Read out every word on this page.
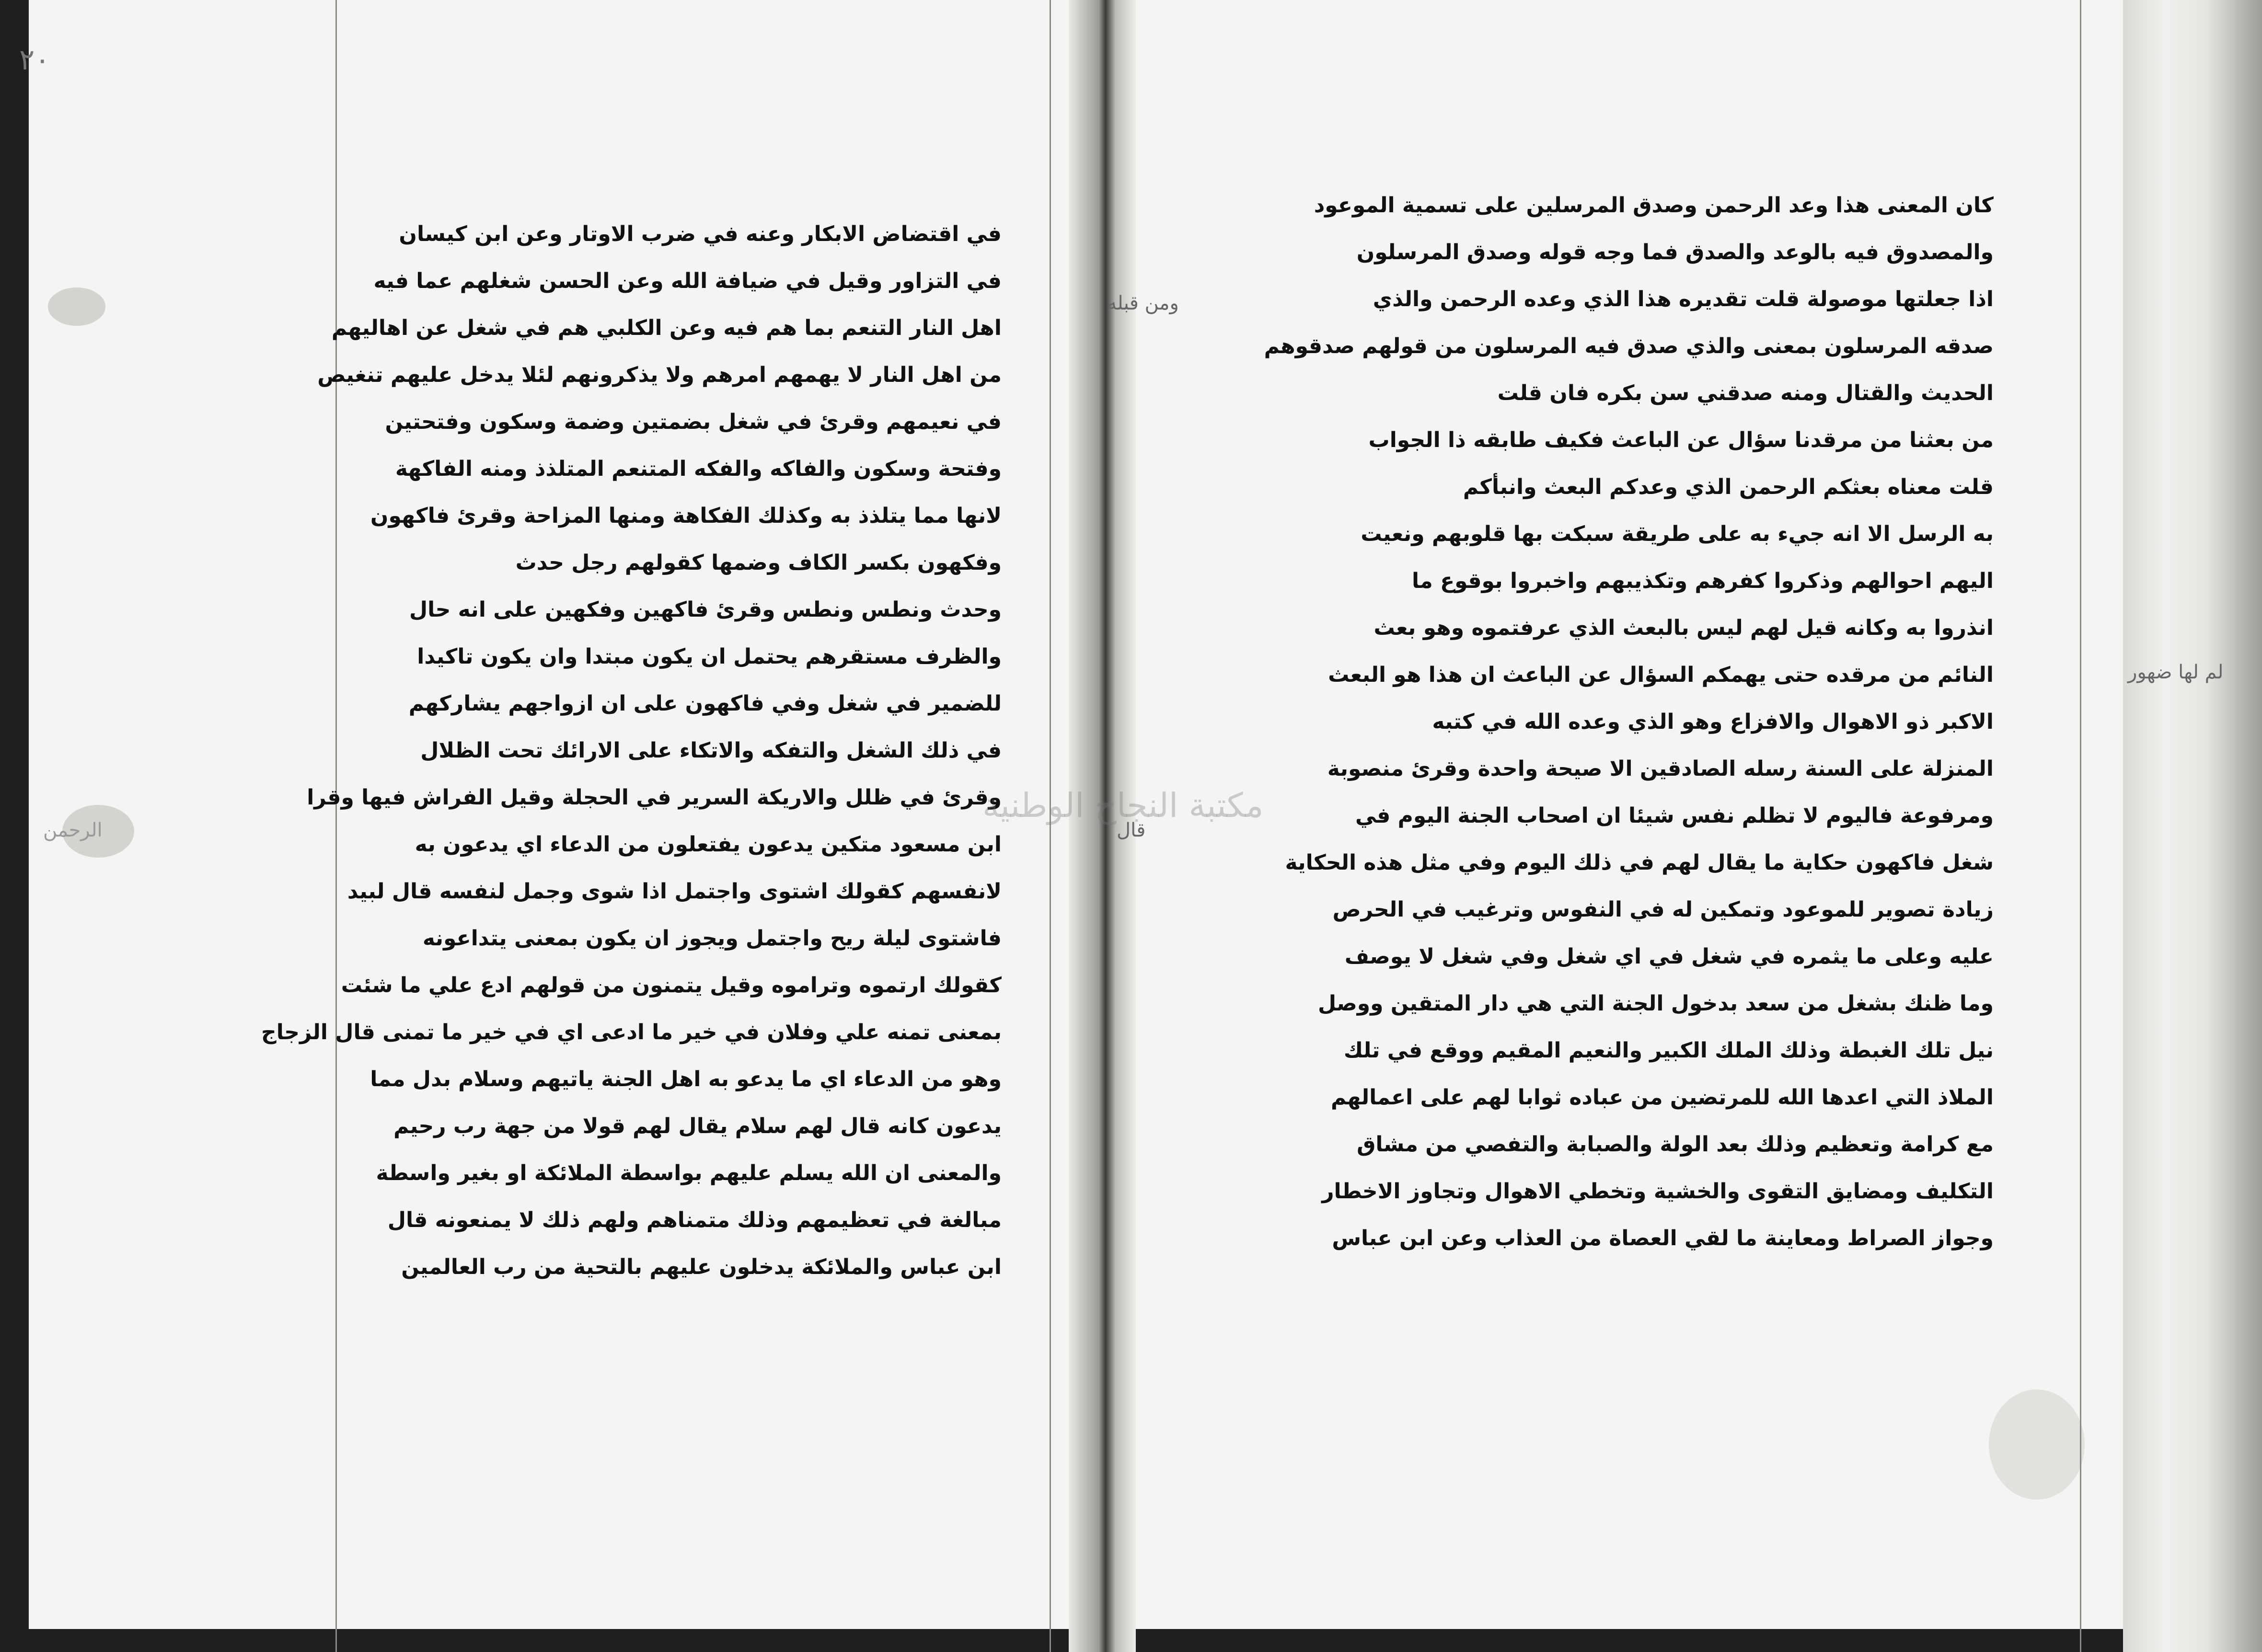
٢٠
في اقتضاض الابكار وعنه في ضرب الاوتار وعن ابن كيسان
في التزاور وقيل في ضيافة الله وعن الحسن شغلهم عما فيه
اهل النار التنعم بما هم فيه وعن الكلبي هم في شغل عن اهاليهم
من اهل النار لا يهمهم امرهم ولا يذكرونهم لئلا يدخل عليهم تنغيص
في نعيمهم وقرئ في شغل بضمتين وضمة وسكون وفتحتين
وفتحة وسكون والفاكه والفكه المتنعم المتلذذ ومنه الفاكهة
لانها مما يتلذذ به وكذلك الفكاهة ومنها المزاحة وقرئ فاكهون
وفكهون بكسر الكاف وضمها كقولهم رجل حدث
وحدث ونطس ونطس وقرئ فاكهين وفكهين على انه حال
والظرف مستقرهم يحتمل ان يكون مبتدا وان يكون تاكيدا
للضمير في شغل وفي فاكهون على ان ازواجهم يشاركهم
في ذلك الشغل والتفكه والاتكاء على الارائك تحت الظلال
وقرئ في ظلل والاريكة السرير في الحجلة وقيل الفراش فيها وقرا
ابن مسعود متكين يدعون يفتعلون من الدعاء اي يدعون به
لانفسهم كقولك اشتوى واجتمل اذا شوى وجمل لنفسه قال لبيد
فاشتوى ليلة ريح واجتمل ويجوز ان يكون بمعنى يتداعونه
كقولك ارتموه وتراموه وقيل يتمنون من قولهم ادع علي ما شئت
بمعنى تمنه علي وفلان في خير ما ادعى اي في خير ما تمنى قال الزجاج
وهو من الدعاء اي ما يدعو به اهل الجنة ياتيهم وسلام بدل مما
يدعون كانه قال لهم سلام يقال لهم قولا من جهة رب رحيم
والمعنى ان الله يسلم عليهم بواسطة الملائكة او بغير واسطة
مبالغة في تعظيمهم وذلك متمناهم ولهم ذلك لا يمنعونه قال
ابن عباس والملائكة يدخلون عليهم بالتحية من رب العالمين
كان المعنى هذا وعد الرحمن وصدق المرسلين على تسمية الموعود
والمصدوق فيه بالوعد والصدق فما وجه قوله وصدق المرسلون
اذا جعلتها موصولة قلت تقديره هذا الذي وعده الرحمن والذي
صدقه المرسلون بمعنى والذي صدق فيه المرسلون من قولهم صدقوهم
الحديث والقتال ومنه صدقني سن بكره فان قلت
من بعثنا من مرقدنا سؤال عن الباعث فكيف طابقه ذا الجواب
قلت معناه بعثكم الرحمن الذي وعدكم البعث وانبأكم
به الرسل الا انه جيء به على طريقة سبكت بها قلوبهم ونعيت
اليهم احوالهم وذكروا كفرهم وتكذيبهم واخبروا بوقوع ما
انذروا به وكانه قيل لهم ليس بالبعث الذي عرفتموه وهو بعث
النائم من مرقده حتى يهمكم السؤال عن الباعث ان هذا هو البعث
الاكبر ذو الاهوال والافزاع وهو الذي وعده الله في كتبه
المنزلة على السنة رسله الصادقين الا صيحة واحدة وقرئ منصوبة
ومرفوعة فاليوم لا تظلم نفس شيئا ان اصحاب الجنة اليوم في
شغل فاكهون حكاية ما يقال لهم في ذلك اليوم وفي مثل هذه الحكاية
زيادة تصوير للموعود وتمكين له في النفوس وترغيب في الحرص
عليه وعلى ما يثمره في شغل في اي شغل وفي شغل لا يوصف
وما ظنك بشغل من سعد بدخول الجنة التي هي دار المتقين ووصل
نيل تلك الغبطة وذلك الملك الكبير والنعيم المقيم ووقع في تلك
الملاذ التي اعدها الله للمرتضين من عباده ثوابا لهم على اعمالهم
مع كرامة وتعظيم وذلك بعد الولة والصبابة والتفصي من مشاق
التكليف ومضايق التقوى والخشية وتخطي الاهوال وتجاوز الاخطار
وجواز الصراط ومعاينة ما لقي العصاة من العذاب وعن ابن عباس
مكتبة النجاح الوطنية
ومن قبله
لم لها ضهور
قال
الرحمن
